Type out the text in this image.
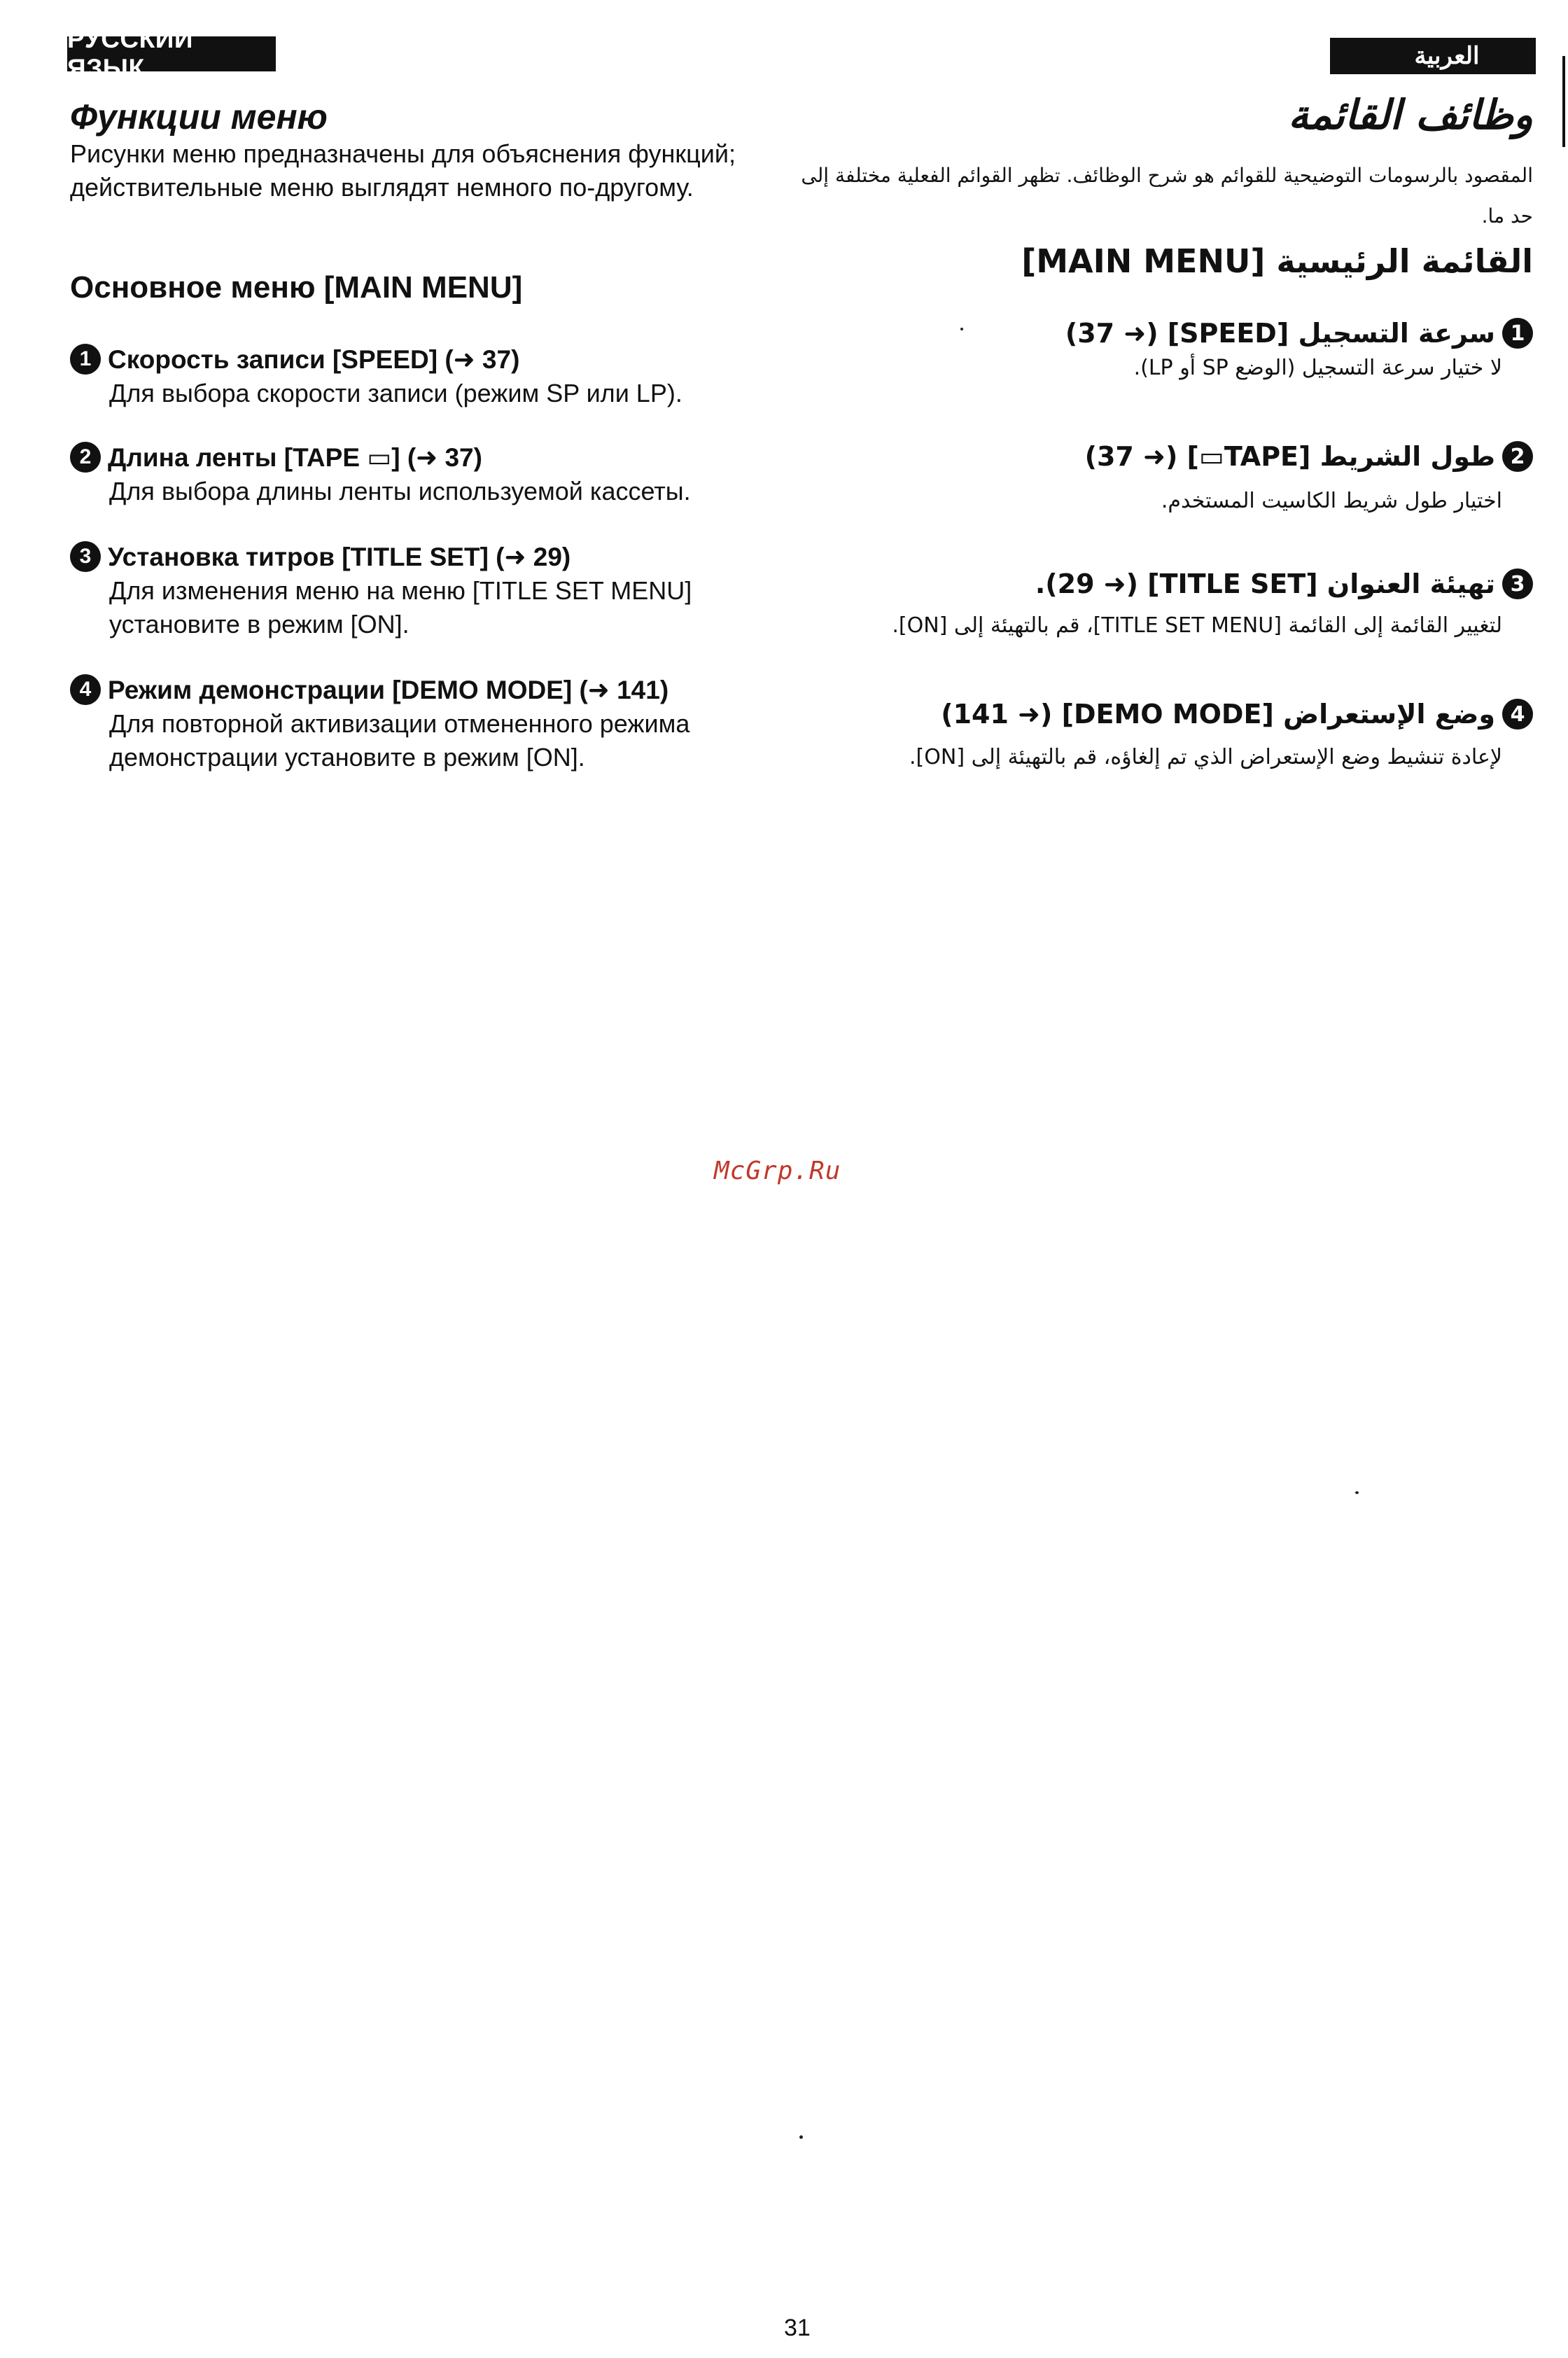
РУССКИЙ ЯЗЫК	العربية
Функции меню
Рисунки меню предназначены для объяснения функций; действительные меню выглядят немного по-другому.
Основное меню [MAIN MENU]
1 Скорость записи [SPEED] (➜ 37)
Для выбора скорости записи (режим SP или LP).
2 Длина ленты [TAPE ▭] (➜ 37)
Для выбора длины ленты используемой кассеты.
3 Установка титров [TITLE SET] (➜ 29)
Для изменения меню на меню [TITLE SET MENU] установите в режим [ON].
4 Режим демонстрации [DEMO MODE] (➜ 141)
Для повторной активизации отмененного режима демонстрации установите в режим [ON].
وظائف القائمة
المقصود بالرسومات التوضيحية للقوائم هو شرح الوظائف. تظهر القوائم الفعلية مختلفة إلى حد ما.
القائمة الرئيسية [MAIN MENU]
1
سرعة التسجيل [SPEED] (➜ 37)
لا ختيار سرعة التسجيل (الوضع SP أو LP).
2
طول الشريط [TAPE▭] (➜ 37)
اختيار طول شريط الكاسيت المستخدم.
3
تهيئة العنوان [TITLE SET] (➜ 29).
لتغيير القائمة إلى القائمة [TITLE SET MENU]، قم بالتهيئة إلى [ON].
4
وضع الإستعراض [DEMO MODE] (➜ 141)
لإعادة تنشيط وضع الإستعراض الذي تم إلغاؤه، قم بالتهيئة إلى [ON].
McGrp.Ru
31
